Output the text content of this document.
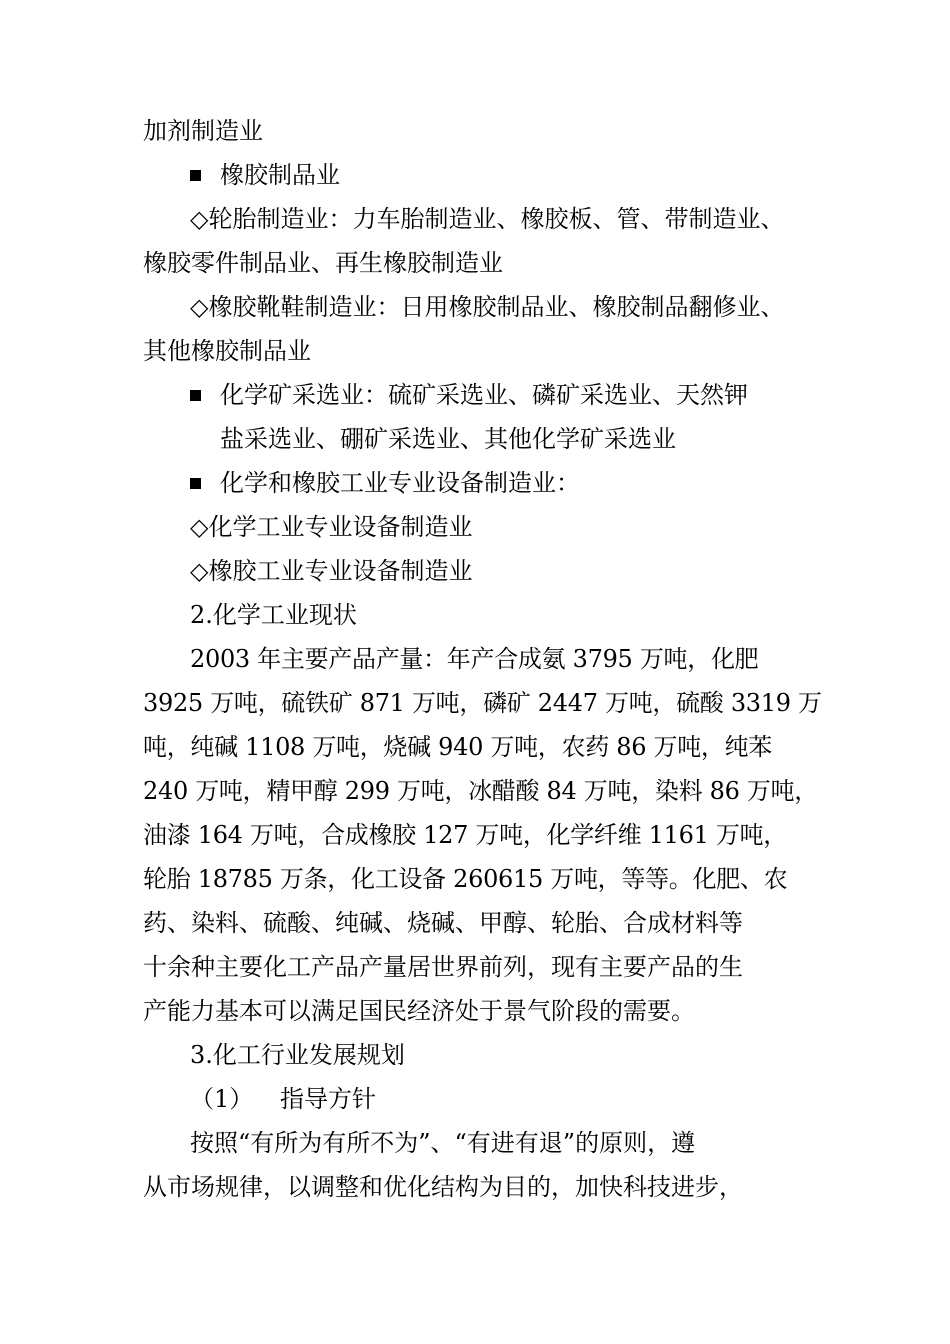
加剂制造业
橡胶制品业
◇轮胎制造业：力车胎制造业、橡胶板、管、带制造业、
橡胶零件制品业、再生橡胶制造业
◇橡胶靴鞋制造业：日用橡胶制品业、橡胶制品翻修业、
其他橡胶制品业
化学矿采选业：硫矿采选业、磷矿采选业、天然钾
盐采选业、硼矿采选业、其他化学矿采选业
化学和橡胶工业专业设备制造业：
◇化学工业专业设备制造业
◇橡胶工业专业设备制造业
2.化学工业现状
2003 年主要产品产量：年产合成氨 3795 万吨，化肥
3925 万吨，硫铁矿 871 万吨，磷矿 2447 万吨，硫酸 3319 万
吨，纯碱 1108 万吨，烧碱 940 万吨，农药 86 万吨，纯苯
240 万吨，精甲醇 299 万吨，冰醋酸 84 万吨，染料 86 万吨，
油漆 164 万吨，合成橡胶 127 万吨，化学纤维 1161 万吨，
轮胎 18785 万条，化工设备 260615 万吨，等等。化肥、农
药、染料、硫酸、纯碱、烧碱、甲醇、轮胎、合成材料等
十余种主要化工产品产量居世界前列，现有主要产品的生
产能力基本可以满足国民经济处于景气阶段的需要。
3.化工行业发展规划
（1） 指导方针
按照“有所为有所不为”、“有进有退”的原则，遵
从市场规律，以调整和优化结构为目的，加快科技进步，
